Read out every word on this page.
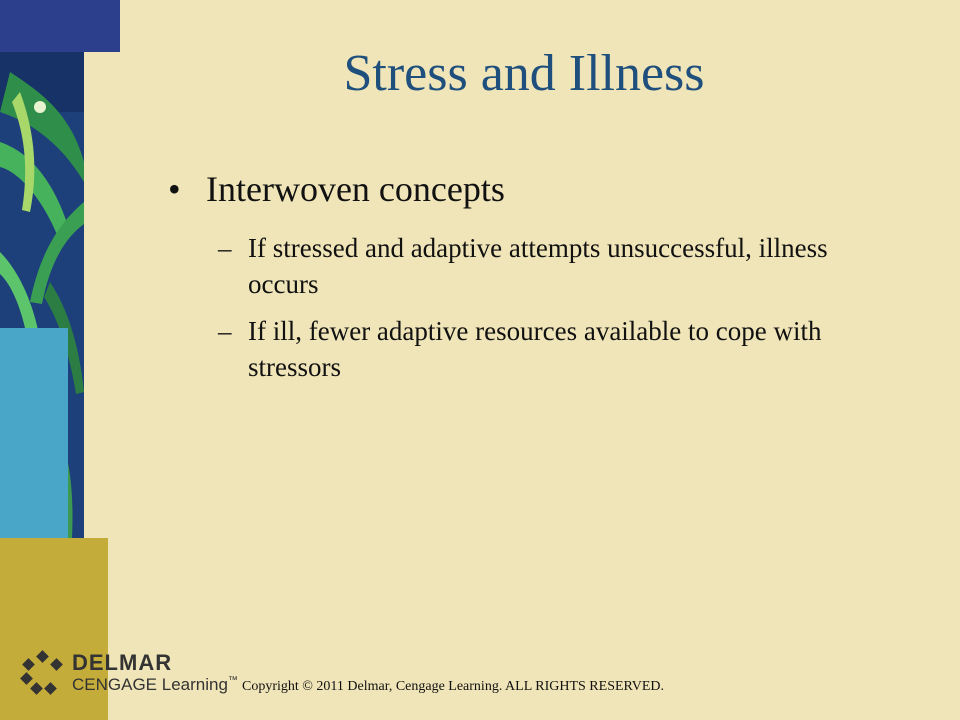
Stress and Illness
• Interwoven concepts
– If stressed and adaptive attempts unsuccessful, illness occurs
– If ill, fewer adaptive resources available to cope with stressors
DELMAR
CENGAGE Learning™ Copyright © 2011 Delmar, Cengage Learning. ALL RIGHTS RESERVED.
